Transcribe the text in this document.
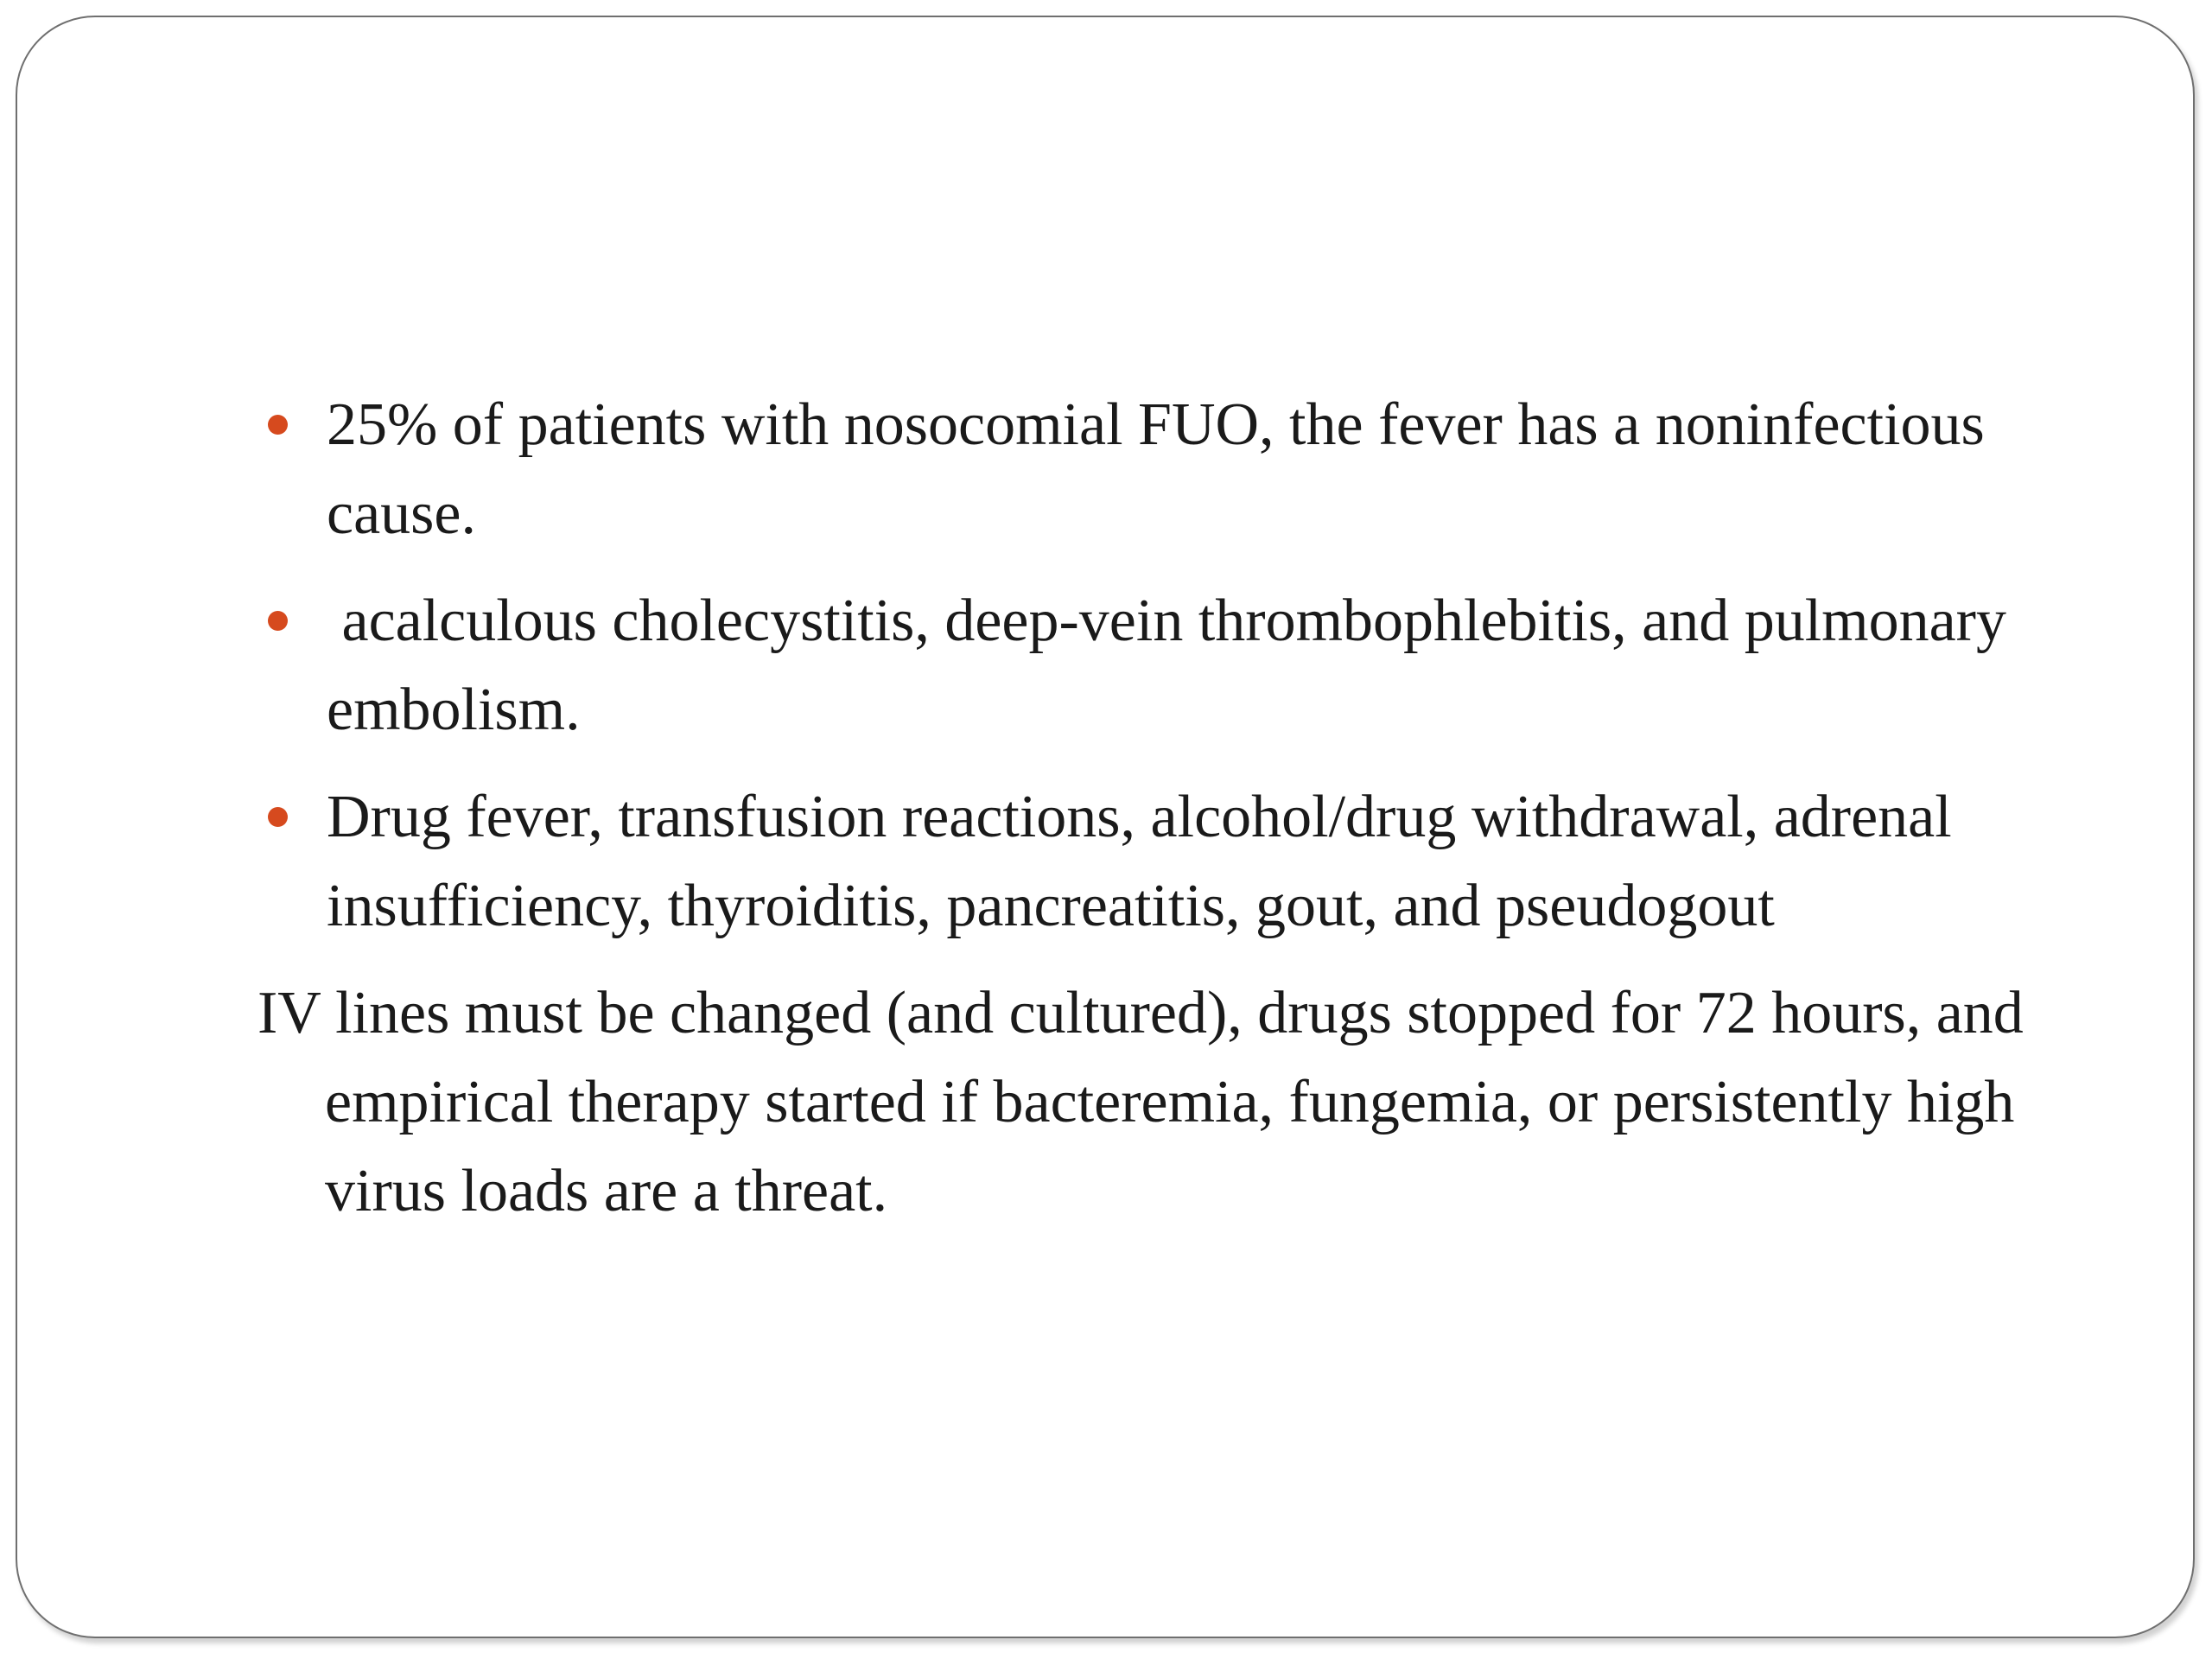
25% of patients with nosocomial FUO, the fever has a noninfectious cause.
acalculous cholecystitis, deep-vein thrombophlebitis, and pulmonary embolism.
Drug fever, transfusion reactions, alcohol/drug withdrawal, adrenal insufficiency, thyroiditis, pancreatitis, gout, and pseudogout
IV lines must be changed (and cultured), drugs stopped for 72 hours, and empirical therapy started if bacteremia, fungemia, or persistently high virus loads are a threat.
